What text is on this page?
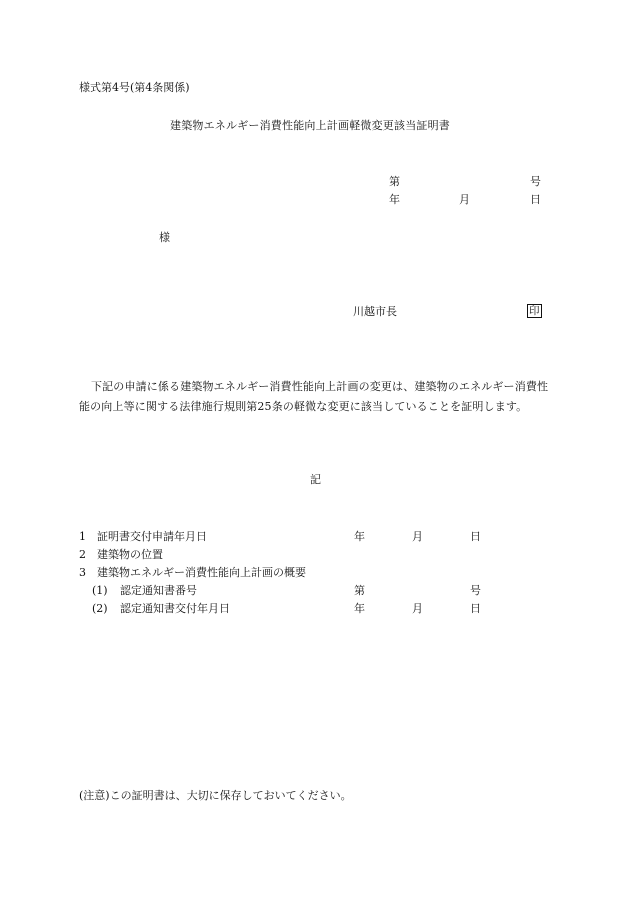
様式第4号(第4条関係)
建築物エネルギー消費性能向上計画軽微変更該当証明書
第	号
年	月	日
様
川越市長	印
下記の申請に係る建築物エネルギー消費性能向上計画の変更は、建築物のエネルギー消費性能の向上等に関する法律施行規則第25条の軽微な変更に該当していることを証明します。
記
1 証明書交付申請年月日	年	月	日
2 建築物の位置
3 建築物エネルギー消費性能向上計画の概要
(1) 認定通知書番号	第	号
(2) 認定通知書交付年月日	年	月	日
(注意)この証明書は、大切に保存しておいてください。
